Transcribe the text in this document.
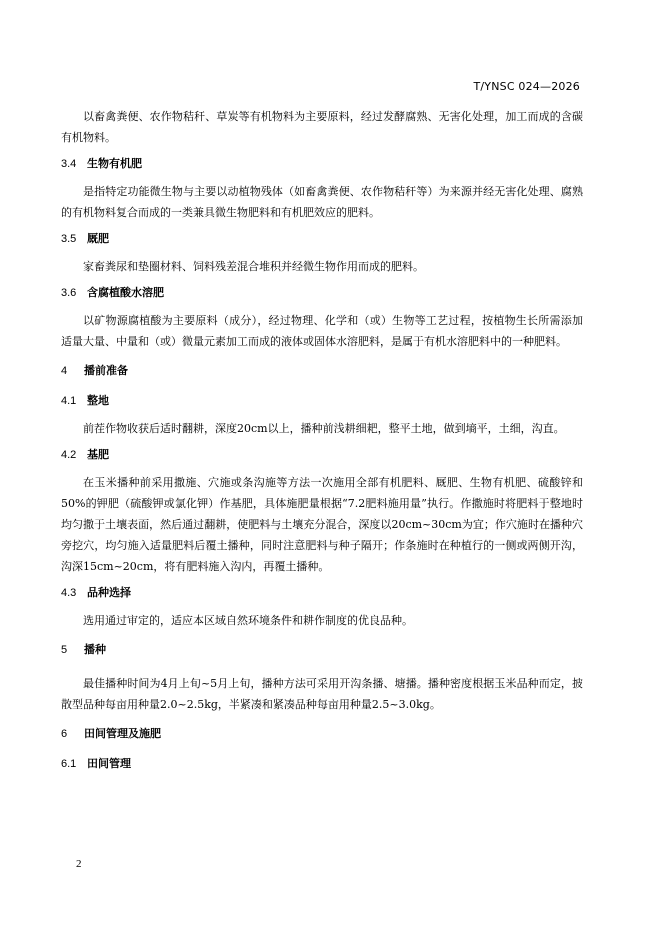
T/YNSC 024—2026

以畜禽粪便、农作物秸秆、草炭等有机物料为主要原料，经过发酵腐熟、无害化处理，加工而成的含碳有机物料。

3.4 生物有机肥

是指特定功能微生物与主要以动植物残体（如畜禽粪便、农作物秸秆等）为来源并经无害化处理、腐熟的有机物料复合而成的一类兼具微生物肥料和有机肥效应的肥料。

3.5 厩肥

家畜粪尿和垫圈材料、饲料残差混合堆积并经微生物作用而成的肥料。

3.6 含腐植酸水溶肥

以矿物源腐植酸为主要原料（成分），经过物理、化学和（或）生物等工艺过程，按植物生长所需添加适量大量、中量和（或）微量元素加工而成的液体或固体水溶肥料，是属于有机水溶肥料中的一种肥料。

4	播前准备
4.1 整地

前茬作物收获后适时翻耕，深度20cm以上，播种前浅耕细耙，整平土地，做到墒平，土细，沟直。

4.2 基肥

在玉米播种前采用撒施、穴施或条沟施等方法一次施用全部有机肥料、厩肥、生物有机肥、硫酸锌和50%的钾肥（硫酸钾或氯化钾）作基肥，具体施肥量根据“7.2肥料施用量”执行。作撒施时将肥料于整地时均匀撒于土壤表面，然后通过翻耕，使肥料与土壤充分混合，深度以20cm~30cm为宜；作穴施时在播种穴旁挖穴，均匀施入适量肥料后覆土播种，同时注意肥料与种子隔开；作条施时在种植行的一侧或两侧开沟，沟深15cm~20cm，将有肥料施入沟内，再覆土播种。

4.3 品种选择

选用通过审定的，适应本区域自然环境条件和耕作制度的优良品种。

5	播种

最佳播种时间为4月上旬~5月上旬，播种方法可采用开沟条播、塘播。播种密度根据玉米品种而定，披散型品种每亩用种量2.0~2.5kg，半紧凑和紧凑品种每亩用种量2.5~3.0kg。

6	田间管理及施肥
6.1 田间管理
2
